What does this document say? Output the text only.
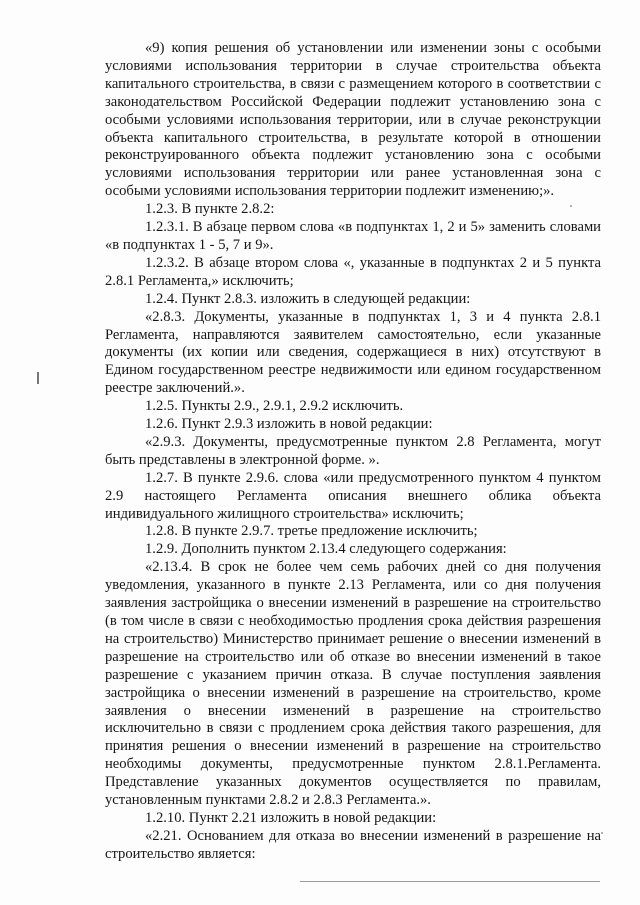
«9) копия решения об установлении или изменении зоны с особыми условиями использования территории в случае строительства объекта капитального строительства, в связи с размещением которого в соответствии с законодательством Российской Федерации подлежит установлению зона с особыми условиями использования территории, или в случае реконструкции объекта капитального строительства, в результате которой в отношении реконструированного объекта подлежит установлению зона с особыми условиями использования территории или ранее установленная зона с особыми условиями использования территории подлежит изменению;».

1.2.3. В пункте 2.8.2:

1.2.3.1. В абзаце первом слова «в подпунктах 1, 2 и 5» заменить словами «в подпунктах 1 - 5, 7 и 9».

1.2.3.2. В абзаце втором слова «, указанные в подпунктах 2 и 5 пункта 2.8.1 Регламента,» исключить;

1.2.4. Пункт 2.8.3. изложить в следующей редакции:

«2.8.3. Документы, указанные в подпунктах 1, 3 и 4 пункта 2.8.1 Регламента, направляются заявителем самостоятельно, если указанные документы (их копии или сведения, содержащиеся в них) отсутствуют в Едином государственном реестре недвижимости или едином государственном реестре заключений.».

1.2.5. Пункты 2.9., 2.9.1, 2.9.2 исключить.

1.2.6. Пункт 2.9.3 изложить в новой редакции:

«2.9.3. Документы, предусмотренные пунктом 2.8 Регламента, могут быть представлены в электронной форме. ».

1.2.7. В пункте 2.9.6. слова «или предусмотренного пунктом 4 пунктом 2.9 настоящего Регламента описания внешнего облика объекта индивидуального жилищного строительства» исключить;

1.2.8. В пункте 2.9.7. третье предложение исключить;

1.2.9. Дополнить пунктом 2.13.4 следующего содержания:

«2.13.4. В срок не более чем семь рабочих дней со дня получения уведомления, указанного в пункте 2.13 Регламента, или со дня получения заявления застройщика о внесении изменений в разрешение на строительство (в том числе в связи с необходимостью продления срока действия разрешения на строительство) Министерство принимает решение о внесении изменений в разрешение на строительство или об отказе во внесении изменений в такое разрешение с указанием причин отказа. В случае поступления заявления застройщика о внесении изменений в разрешение на строительство, кроме заявления о внесении изменений в разрешение на строительство исключительно в связи с продлением срока действия такого разрешения, для принятия решения о внесении изменений в разрешение на строительство необходимы документы, предусмотренные пунктом 2.8.1.Регламента. Представление указанных документов осуществляется по правилам, установленным пунктами 2.8.2 и 2.8.3 Регламента.».

1.2.10. Пункт 2.21 изложить в новой редакции:

«2.21. Основанием для отказа во внесении изменений в разрешение на строительство является:
